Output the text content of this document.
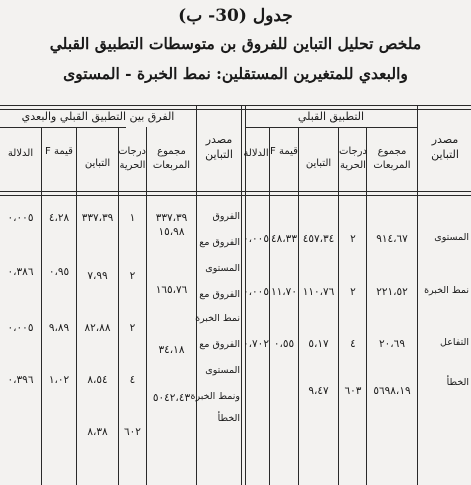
جدول (30- ب)
ملخص تحليل التباين للفروق بن متوسطات التطبيق القبلي
والبعدي للمتغيرين المستقلين: نمط الخبرة - المستوى
التطبيق القبلي
الفرق بين التطبيق القبلي والبعدي
مصدر التباين
مصدر التباين	مجموع المربعات
درجات الحرية
التباين
قيمة F
الدلالة
مجموع المربعات
درجات الحرية
التباين
قيمة F
الدلالة
المستوى
٩١٤،٦٧
٢
٤٥٧،٣٤
٤٨،٣٣
٠،٠٠٥
نمط الخبرة
٢٢١،٥٢
٢
١١٠،٧٦
١١،٧٠
٠،٠٠٥
التفاعل
٢٠،٦٩
٤
٥،١٧
٠،٥٥
٠،٧٠٢
الخطأ
٥٦٩٨،١٩
٦٠٣
٩،٤٧
الفروق
الفروق مع
المستوى
الفروق مع
نمط الخبرة
الفروق مع
المستوى
ونمط الخبرة
الخطأ
٣٣٧،٣٩
١
٣٣٧،٣٩
٤،٢٨
٠،٠٠٥
١٥،٩٨
٢
٧،٩٩
٠،٩٥
٠،٣٨٦
١٦٥،٧٦
٢
٨٢،٨٨
٩،٨٩
٠،٠٠٥
٣٤،١٨
٤
٨،٥٤
١،٠٢
٠،٣٩٦
٥٠٤٢،٤٣
٦٠٢
٨،٣٨
